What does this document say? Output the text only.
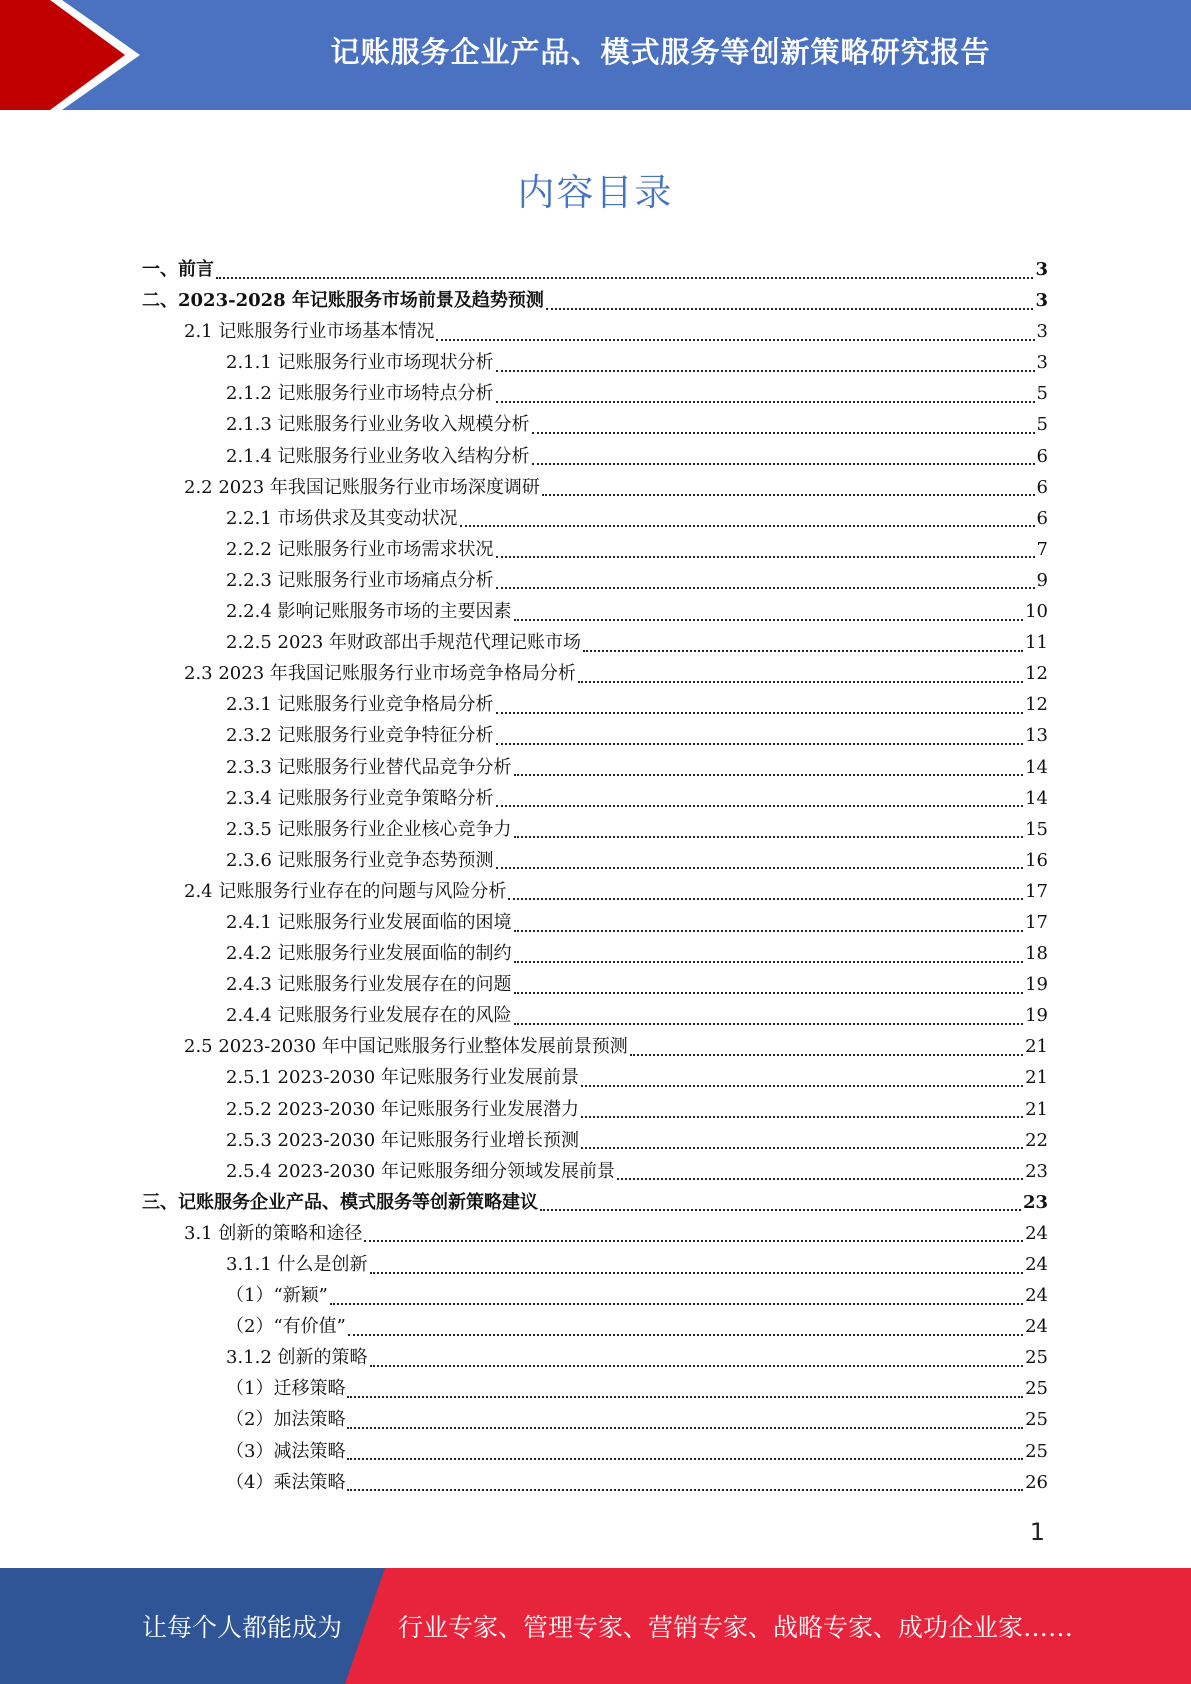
记账服务企业产品、模式服务等创新策略研究报告
内容目录
一、前言	3
二、2023-2028 年记账服务市场前景及趋势预测	3
2.1 记账服务行业市场基本情况	3
2.1.1 记账服务行业市场现状分析	3
2.1.2 记账服务行业市场特点分析	5
2.1.3 记账服务行业业务收入规模分析	5
2.1.4 记账服务行业业务收入结构分析	6
2.2 2023 年我国记账服务行业市场深度调研	6
2.2.1 市场供求及其变动状况	6
2.2.2 记账服务行业市场需求状况	7
2.2.3 记账服务行业市场痛点分析	9
2.2.4 影响记账服务市场的主要因素	10
2.2.5 2023 年财政部出手规范代理记账市场	11
2.3 2023 年我国记账服务行业市场竞争格局分析	12
2.3.1 记账服务行业竞争格局分析	12
2.3.2 记账服务行业竞争特征分析	13
2.3.3 记账服务行业替代品竞争分析	14
2.3.4 记账服务行业竞争策略分析	14
2.3.5 记账服务行业企业核心竞争力	15
2.3.6 记账服务行业竞争态势预测	16
2.4 记账服务行业存在的问题与风险分析	17
2.4.1 记账服务行业发展面临的困境	17
2.4.2 记账服务行业发展面临的制约	18
2.4.3 记账服务行业发展存在的问题	19
2.4.4 记账服务行业发展存在的风险	19
2.5 2023-2030 年中国记账服务行业整体发展前景预测	21
2.5.1 2023-2030 年记账服务行业发展前景	21
2.5.2 2023-2030 年记账服务行业发展潜力	21
2.5.3 2023-2030 年记账服务行业增长预测	22
2.5.4 2023-2030 年记账服务细分领域发展前景	23
三、记账服务企业产品、模式服务等创新策略建议	23
3.1 创新的策略和途径	24
3.1.1 什么是创新	24
（1）“新颖”	24
（2）“有价值”	24
3.1.2 创新的策略	25
（1）迁移策略	25
（2）加法策略	25
（3）减法策略	25
（4）乘法策略	26
1
让每个人都能成为 行业专家、管理专家、营销专家、战略专家、成功企业家……
